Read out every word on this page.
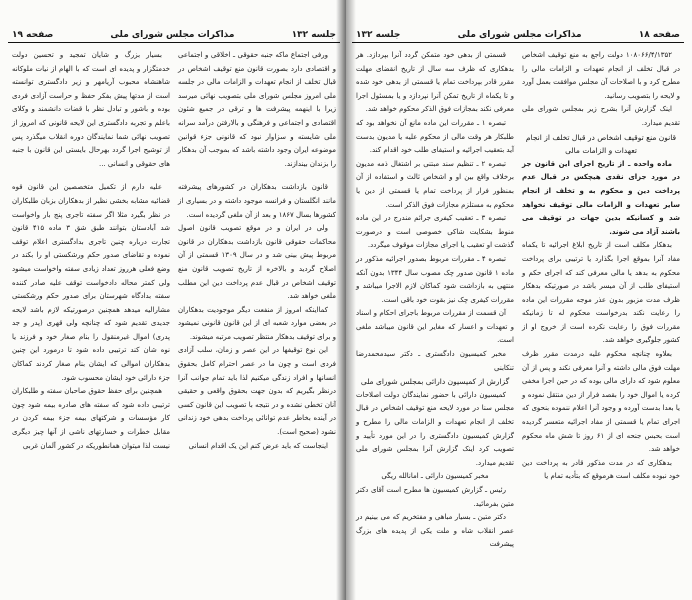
جلسه ۱۳۲
مذاکرات مجلس شورای ملی
صفحه ۱۹

ورفی اجتماع ماکه جنبه حقوقی ـ اخلاقی و اجتماعی و اقتصادی دارد بصورت قانون منع توقیف اشخاص در قبال تخلف از انجام تعهدات و الزامات مالی در جلسه ملی امروز مجلس شورای ملی بتصویب نهائی میرسد زیرا با اینهمه پیشرفت ها و ترقی در جمیع شئون اقتصادی و اجتماعی و فرهنگی و بالارفتن درآمد سرانه ملی شایسته و سزاوار نبود که قانونی جزء قوانین موضوعه ایران وجود داشته باشد که بموجب آن بدهکار را بزندان بیندازند.

قانون بازداشت بدهکاران در کشورهای پیشرفته مانند انگلستان و فرانسه موجود داشته و در بسیاری از کشورها بسال ۱۸۶۷ و بعد از آن ملغی گردیده است.

ولی در ایران و در موقع تصویب قانون اصول محاکمات حقوقی قانون بازداشت بدهکاران در قانون مربوط پیش بینی شد و در سال ۱۳۰۹ قسمتی از آن اصلاح گردید و بالاخره از تاریخ تصویب قانون منع توقیف اشخاص در قبال عدم پرداخت دین این مطلب ملغی خواهد شد.

کمااینکه امروز از منفعت دیگر موجودیت بدهکاران در بعضی موارد شعبه ای از این قانون قانونی نمیشود و برای توقیف بدهکار منتظر تصویب مرتبه میشوند.

این نوع توقیفها در این عصر و زمان، سلب آزادی فردی است و چون ما در عصر احترام کامل بحقوق انسانها و افراد زندگی میکنیم لذا باید تمام جوانب آنرا درنظر بگیریم که بدون جهت بحقوق واقعی و حقیقی آنان تخطی نشده و در نتیجه با تصویب این قانون کسی در آینده بخاطر عدم توانائی پرداخت بدهی خود زندانی نشود (صحیح است).

اینجاست که باید عرض کنم این یک اقدام انسانی

بسیار بزرگ و شایان تمجید و تحسین دولت خدمتگزار و پدیده ای است که با الهام از نیات ملوکانه شاهنشاه محبوب آریامهر و زیر دادگستری توانسته است از مدتها پیش بفکر حفظ و حراست آزادی فردی بوده و باشور و تبادل نظر با قضات دانشمند و وکلای باعلم و تجربه دادگستری این لایحه قانونی که امروز از تصویب نهائی شما نمایندگان دوره انقلاب میگذرد پس از توشیح اجرا گردد بهرحال بایستی این قانون با جنبه های حقوقی و انسانی ...

علیه دارم از تکمیل متخصصین این قانون قوه قضائیه مشابه بخشی نظیر از بدهکاران بزبان طلبکاران در نظر بگیرد مثلا اگر سفته تاجری پنج بار واخواست شد آبادستان بتوانند طبق شق ۳ ماده ۴۱۵ قانون تجارت درباره چنین تاجری بدادگستری اعلام توقف نموده و تقاضای صدور حکم ورشکستی او را بکند در وضع فعلی هرروز تعداد زیادی سفته واخواست میشود ولی کمتر محاله دادخواست توقف علیه صادر کننده سفته بدادگاه شهرستان برای صدور حکم ورشکستی مشارالیه میدهد همچنین درصورتیکه لازم باشد لایحه جدیدی تقدیم شود که چنانچه ولی قهری (پدر و جد پدری) اموال غیرمنقول را بنام صغار خود و فرزند یا نوه شان کند ترتیبی داده شود تا درمورد این چنین بدهکاران اموالی که ایشان بنام صغار کردند کماکان جزء دارائی خود ایشان محسوب شود.

همچنین برای حفظ حقوق صاحبان سفته و طلبکاران ترتیبی داده شود که سفته های صادره بیمه شود چون کار مؤسسات و شرکتهای بیمه جزء بیمه کردن در مقابل خطرات و خسارتهای ناشی از آنها چیز دیگری نیست لذا میتوان همانطوریکه در کشور آلمان غربی

صفحه ۱۸
مذاکرات مجلس شورای ملی
جلسه ۱۳۲

۱۰۸۰۶۶/۴/۱۳۵۲ دولت راجع به منع توقیف اشخاص در قبال تخلف از انجام تعهدات و الزامات مالی را مطرح کرد و با اصلاحات آن مجلس موافقت بعمل آورد و لایحه را بتصویب رسانید.

اینک گزارش آنرا بشرح زیر بمجلس شورای ملی تقدیم میدارد.

قانون منع توقیف اشخاص در قبال تخلف از انجام تعهدات و الزامات مالی

ماده واحده ـ از تاریخ اجرای این قانون جز در مورد جزای نقدی هیچکس در قبال عدم پرداخت دین و محکوم به و تخلف از انجام سایر تعهدات و الزامات مالی توقیف نخواهد شد و کسانیکه بدین جهات در توقیف می باشند آزاد می شوند.

بدهکار مکلف است از تاریخ ابلاغ اجرائیه تا یکماه مفاد آنرا بموقع اجرا بگذارد یا ترتیبی برای پرداخت محکوم به بدهد یا مالی معرفی کند که اجرای حکم و استیفای طلب از آن میسر باشد در صورتیکه بدهکار ظرف مدت مزبور بدون عذر موجه مقررات این ماده را رعایت نکند بدرخواست محکوم له تا زمانیکه مقررات فوق را رعایت نکرده است از خروج او از کشور جلوگیری خواهد شد.

بعلاوه چنانچه محکوم علیه درمدت مقرر ظرف مهلت فوق مالی داشته و آنرا معرفی نکند و پس از آن معلوم شود که دارای مالی بوده که در حین اجرا مخفی کرده یا اموال خود را بقصد فرار از دین منتقل نموده و یا بعدا بدست آورده و وجود آنرا اعلام ننموده بنحوی که اجرای تمام یا قسمتی از مفاد اجرائیه متعسر گردیده است بحبس جنحه ای از ۶۱ روز تا شش ماه محکوم خواهد شد.

بدهکاری که در مدت مذکور قادر به پرداخت دین خود نبوده مکلف است هرموقع که بتأدیه تمام یا

قسمتی از بدهی خود متمکن گردد آنرا بپردازد. هر بدهکاری که ظرف سه سال از تاریخ انقضای مهلت مقرر قادر بپرداخت تمام یا قسمتی از بدهی خود شده و تا یکماه از تاریخ تمکن آنرا نپردازد و یا بمسئول اجرا معرفی نکند بمجازات فوق الذکر محکوم خواهد شد.

تبصره ۱ ـ مقررات این ماده مانع آن نخواهد بود که طلبکار هر وقت مالی از محکوم علیه یا مدیون بدست آید بتعقیب اجرائیه و استیفای طلب خود اقدام کند.

تبصره ۲ ـ تنظیم سند مبتنی بر اشتغال ذمه مدیون برخلاف واقع بین او و اشخاص ثالث و استفاده از آن بمنظور فرار از پرداخت تمام یا قسمتی از دین یا محکوم به مستلزم مجازات فوق الذکر است.

تبصره ۳ ـ تعقیب کیفری جرائم مندرج در این ماده منوط بشکایت شاکی خصوصی است و درصورت گذشت او تعقیب یا اجرای مجازات موقوف میگردد.

تبصره ۴ ـ مقررات مربوط بصدور اجرائیه مذکور در ماده ۱ قانون صدور چک مصوب سال ۱۳۴۴ بدون آنکه منتهی به بازداشت شود کماکان لازم الاجرا میباشد و مقررات کیفری چک نیز بقوت خود باقی است.

آن قسمت از مقررات مربوط باجرای احکام و اسناد و تعهدات و اعسار که مغایر این قانون میباشد ملغی است.

مخبر کمیسیون دادگستری ـ دکتر سیدمحمدرضا تنکابنی

گزارش از کمیسیون دارائی بمجلس شورای ملی

کمیسیون دارائی با حضور نمایندگان دولت اصلاحات مجلس سنا در مورد لایحه منع توقیف اشخاص در قبال تخلف از انجام تعهدات و الزامات مالی را مطرح و گزارش کمیسیون دادگستری را در این مورد تأیید و تصویب کرد اینک گزارش آنرا بمجلس شورای ملی تقدیم میدارد.

مخبر کمیسیون دارائی ـ امانالله ریگی

رئیس ـ گزارش کمیسیون ها مطرح است آقای دکتر متین بفرمائید.

دکتر متین ـ بسیار مباهی و مفتخریم که می بینیم در عصر انقلاب شاه و ملت یکی از پدیده های بزرگ پیشرفت
